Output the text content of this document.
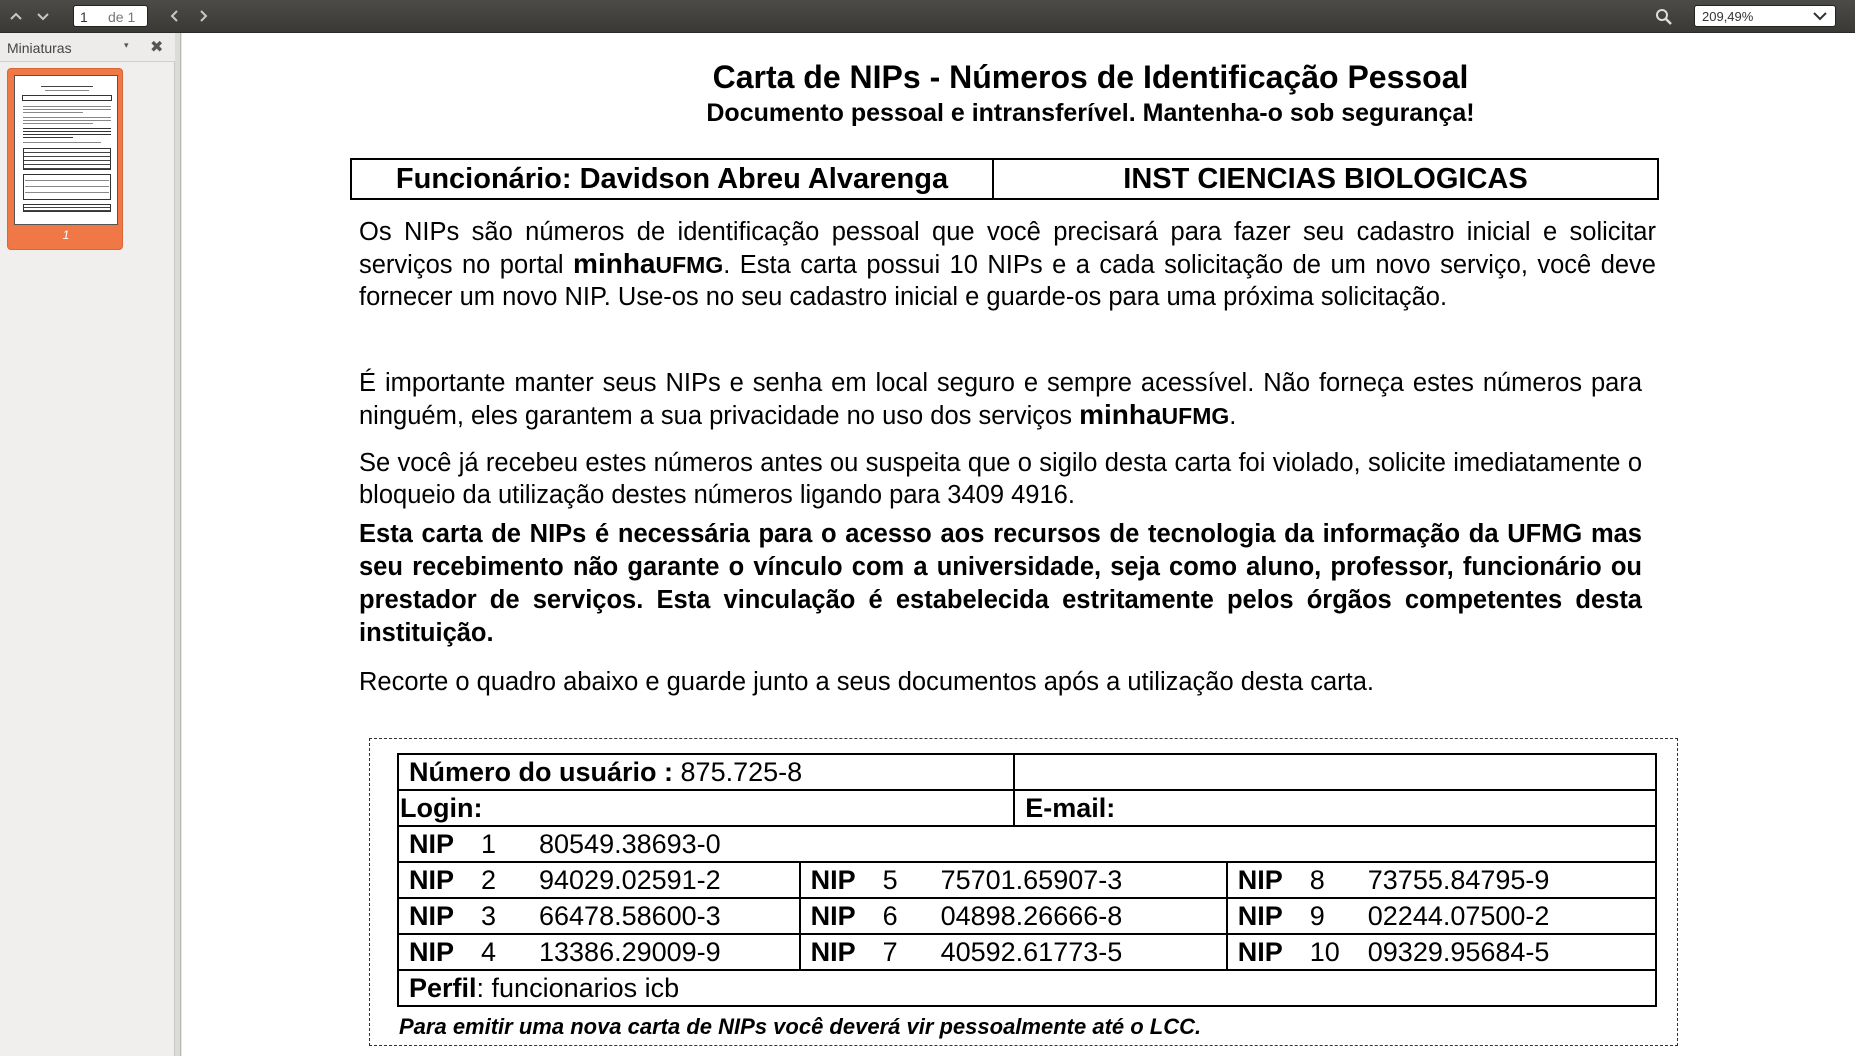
1 de 1	209,49%
Miniaturas	▾ ✖
1
Carta de NIPs - Números de Identificação Pessoal
Documento pessoal e intransferível. Mantenha-o sob segurança!
Funcionário: Davidson Abreu Alvarenga	INST CIENCIAS BIOLOGICAS
Os NIPs são números de identificação pessoal que você precisará para fazer seu cadastro inicial e solicitar serviços no portal minhaUFMG. Esta carta possui 10 NIPs e a cada solicitação de um novo serviço, você deve fornecer um novo NIP. Use-os no seu cadastro inicial e guarde-os para uma próxima solicitação.
É importante manter seus NIPs e senha em local seguro e sempre acessível. Não forneça estes números para ninguém, eles garantem a sua privacidade no uso dos serviços minhaUFMG.
Se você já recebeu estes números antes ou suspeita que o sigilo desta carta foi violado, solicite imediatamente o bloqueio da utilização destes números ligando para 3409 4916.
Esta carta de NIPs é necessária para o acesso aos recursos de tecnologia da informação da UFMG mas seu recebimento não garante o vínculo com a universidade, seja como aluno, professor, funcionário ou prestador de serviços. Esta vinculação é estabelecida estritamente pelos órgãos competentes desta instituição.
Recorte o quadro abaixo e guarde junto a seus documentos após a utilização desta carta.
Número do usuário : 875.725-8			
Login:		E-mail:	
NIP 1 80549.38693-0			
NIP 2 94029.02591-2	NIP 5 75701.65907-3		NIP 8 73755.84795-9
NIP 3 66478.58600-3	NIP 6 04898.26666-8		NIP 9 02244.07500-2
NIP 4 13386.29009-9	NIP 7 40592.61773-5		NIP 10 09329.95684-5
Perfil: funcionarios icb			
Para emitir uma nova carta de NIPs você deverá vir pessoalmente até o LCC.
